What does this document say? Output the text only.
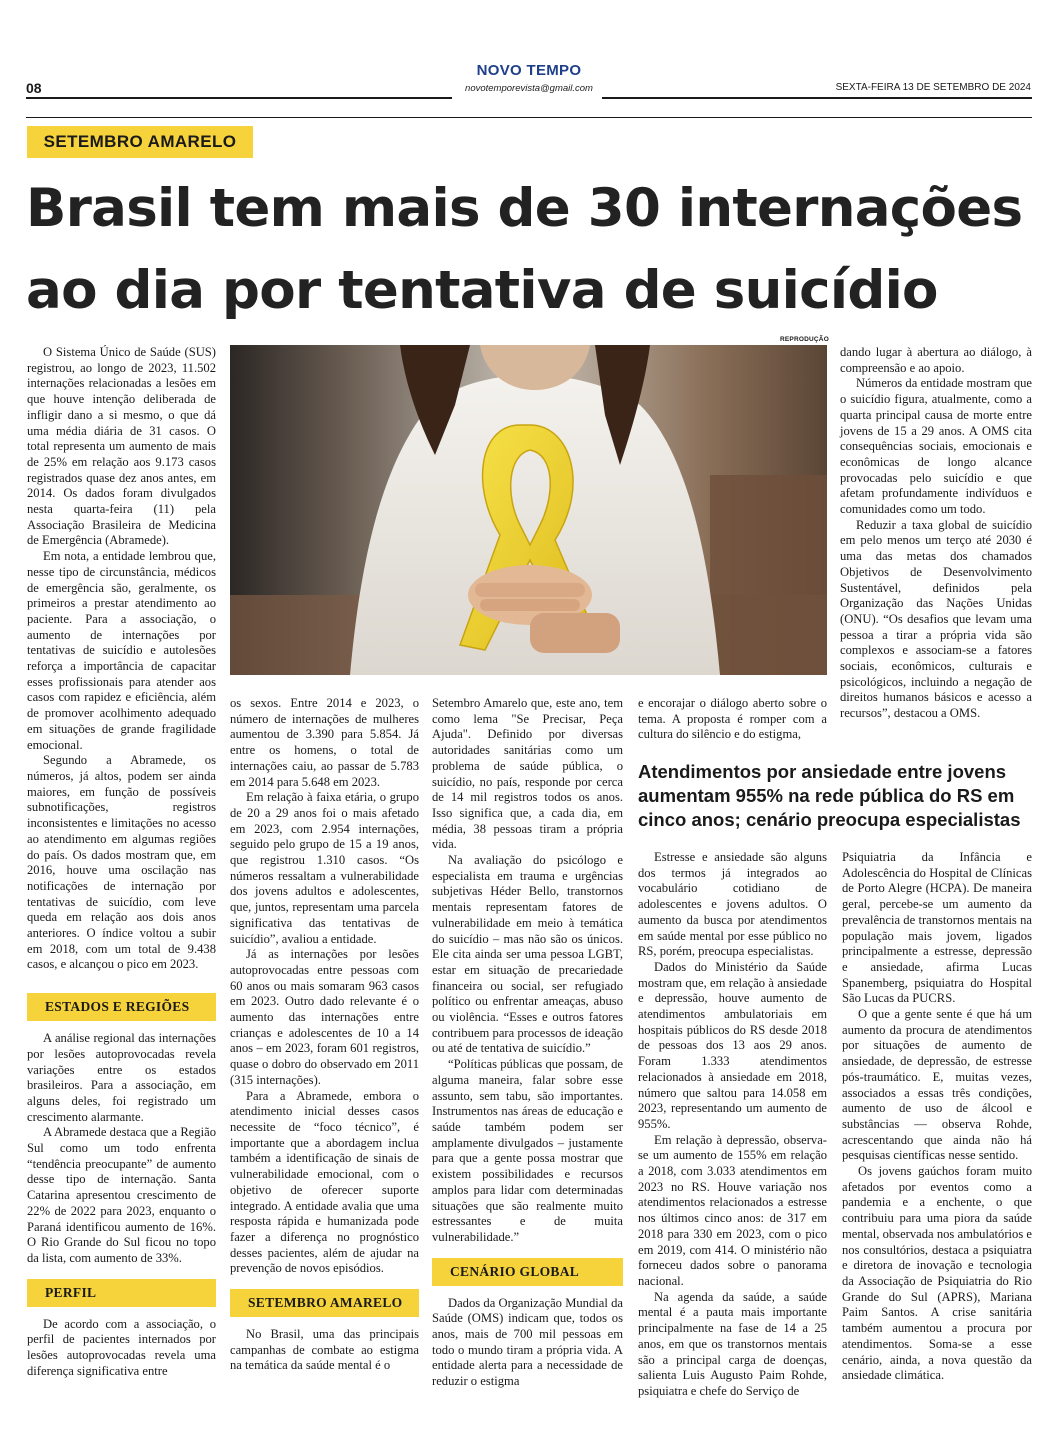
NOVO TEMPO
novotemporevista@gmail.com
08	SEXTA-FEIRA 13 DE SETEMBRO DE 2024
SETEMBRO AMARELO
Brasil tem mais de 30 internações
ao dia por tentativa de suicídio
REPRODUÇÃO

O Sistema Único de Saúde (SUS) registrou, ao longo de 2023, 11.502 internações relacionadas a lesões em que houve intenção deliberada de infligir dano a si mesmo, o que dá uma média diária de 31 casos. O total representa um aumento de mais de 25% em relação aos 9.173 casos registrados quase dez anos antes, em 2014. Os dados foram divulgados nesta quarta-feira (11) pela Associação Brasileira de Medicina de Emergência (Abramede).

Em nota, a entidade lembrou que, nesse tipo de circunstância, médicos de emergência são, geralmente, os primeiros a prestar atendimento ao paciente. Para a associação, o aumento de internações por tentativas de suicídio e autolesões reforça a importância de capacitar esses profissionais para atender aos casos com rapidez e eficiência, além de promover acolhimento adequado em situações de grande fragilidade emocional.

Segundo a Abramede, os números, já altos, podem ser ainda maiores, em função de possíveis subnotificações, registros inconsistentes e limitações no acesso ao atendimento em algumas regiões do país. Os dados mostram que, em 2016, houve uma oscilação nas notificações de internação por tentativas de suicídio, com leve queda em relação aos dois anos anteriores. O índice voltou a subir em 2018, com um total de 9.438 casos, e alcançou o pico em 2023.

ESTADOS E REGIÕES

A análise regional das internações por lesões autoprovocadas revela variações entre os estados brasileiros. Para a associação, em alguns deles, foi registrado um crescimento alarmante.

A Abramede destaca que a Região Sul como um todo enfrenta “tendência preocupante” de aumento desse tipo de internação. Santa Catarina apresentou crescimento de 22% de 2022 para 2023, enquanto o Paraná identificou aumento de 16%. O Rio Grande do Sul ficou no topo da lista, com aumento de 33%.

PERFIL

De acordo com a associação, o perfil de pacientes internados por lesões autoprovocadas revela uma diferença significativa entre

os sexos. Entre 2014 e 2023, o número de internações de mulheres aumentou de 3.390 para 5.854. Já entre os homens, o total de internações caiu, ao passar de 5.783 em 2014 para 5.648 em 2023.

Em relação à faixa etária, o grupo de 20 a 29 anos foi o mais afetado em 2023, com 2.954 internações, seguido pelo grupo de 15 a 19 anos, que registrou 1.310 casos. “Os números ressaltam a vulnerabilidade dos jovens adultos e adolescentes, que, juntos, representam uma parcela significativa das tentativas de suicídio”, avaliou a entidade.

Já as internações por lesões autoprovocadas entre pessoas com 60 anos ou mais somaram 963 casos em 2023. Outro dado relevante é o aumento das internações entre crianças e adolescentes de 10 a 14 anos – em 2023, foram 601 registros, quase o dobro do observado em 2011 (315 internações).

Para a Abramede, embora o atendimento inicial desses casos necessite de “foco técnico”, é importante que a abordagem inclua também a identificação de sinais de vulnerabilidade emocional, com o objetivo de oferecer suporte integrado. A entidade avalia que uma resposta rápida e humanizada pode fazer a diferença no prognóstico desses pacientes, além de ajudar na prevenção de novos episódios.

SETEMBRO AMARELO

No Brasil, uma das principais campanhas de combate ao estigma na temática da saúde mental é o

Setembro Amarelo que, este ano, tem como lema "Se Precisar, Peça Ajuda". Definido por diversas autoridades sanitárias como um problema de saúde pública, o suicídio, no país, responde por cerca de 14 mil registros todos os anos. Isso significa que, a cada dia, em média, 38 pessoas tiram a própria vida.

Na avaliação do psicólogo e especialista em trauma e urgências subjetivas Héder Bello, transtornos mentais representam fatores de vulnerabilidade em meio à temática do suicídio – mas não são os únicos. Ele cita ainda ser uma pessoa LGBT, estar em situação de precariedade financeira ou social, ser refugiado político ou enfrentar ameaças, abuso ou violência. “Esses e outros fatores contribuem para processos de ideação ou até de tentativa de suicídio.”

“Políticas públicas que possam, de alguma maneira, falar sobre esse assunto, sem tabu, são importantes. Instrumentos nas áreas de educação e saúde também podem ser amplamente divulgados – justamente para que a gente possa mostrar que existem possibilidades e recursos amplos para lidar com determinadas situações que são realmente muito estressantes e de muita vulnerabilidade.”

CENÁRIO GLOBAL

Dados da Organização Mundial da Saúde (OMS) indicam que, todos os anos, mais de 700 mil pessoas em todo o mundo tiram a própria vida. A entidade alerta para a necessidade de reduzir o estigma

e encorajar o diálogo aberto sobre o tema. A proposta é romper com a cultura do silêncio e do estigma,

dando lugar à abertura ao diálogo, à compreensão e ao apoio.

Números da entidade mostram que o suicídio figura, atualmente, como a quarta principal causa de morte entre jovens de 15 a 29 anos. A OMS cita consequências sociais, emocionais e econômicas de longo alcance provocadas pelo suicídio e que afetam profundamente indivíduos e comunidades como um todo.

Reduzir a taxa global de suicídio em pelo menos um terço até 2030 é uma das metas dos chamados Objetivos de Desenvolvimento Sustentável, definidos pela Organização das Nações Unidas (ONU). “Os desafios que levam uma pessoa a tirar a própria vida são complexos e associam-se a fatores sociais, econômicos, culturais e psicológicos, incluindo a negação de direitos humanos básicos e acesso a recursos”, destacou a OMS.

Atendimentos por ansiedade entre jovens
aumentam 955% na rede pública do RS em
cinco anos; cenário preocupa especialistas

Estresse e ansiedade são alguns dos termos já integrados ao vocabulário cotidiano de adolescentes e jovens adultos. O aumento da busca por atendimentos em saúde mental por esse público no RS, porém, preocupa especialistas.

Dados do Ministério da Saúde mostram que, em relação à ansiedade e depressão, houve aumento de atendimentos ambulatoriais em hospitais públicos do RS desde 2018 de pessoas dos 13 aos 29 anos. Foram 1.333 atendimentos relacionados à ansiedade em 2018, número que saltou para 14.058 em 2023, representando um aumento de 955%.

Em relação à depressão, observa-se um aumento de 155% em relação a 2018, com 3.033 atendimentos em 2023 no RS. Houve variação nos atendimentos relacionados a estresse nos últimos cinco anos: de 317 em 2018 para 330 em 2023, com o pico em 2019, com 414. O ministério não forneceu dados sobre o panorama nacional.

Na agenda da saúde, a saúde mental é a pauta mais importante principalmente na fase de 14 a 25 anos, em que os transtornos mentais são a principal carga de doenças, salienta Luis Augusto Paim Rohde, psiquiatra e chefe do Serviço de

Psiquiatria da Infância e Adolescência do Hospital de Clínicas de Porto Alegre (HCPA). De maneira geral, percebe-se um aumento da prevalência de transtornos mentais na população mais jovem, ligados principalmente a estresse, depressão e ansiedade, afirma Lucas Spanemberg, psiquiatra do Hospital São Lucas da PUCRS.

O que a gente sente é que há um aumento da procura de atendimentos por situações de aumento de ansiedade, de depressão, de estresse pós-traumático. E, muitas vezes, associados a essas três condições, aumento de uso de álcool e substâncias — observa Rohde, acrescentando que ainda não há pesquisas científicas nesse sentido.

Os jovens gaúchos foram muito afetados por eventos como a pandemia e a enchente, o que contribuiu para uma piora da saúde mental, observada nos ambulatórios e nos consultórios, destaca a psiquiatra e diretora de inovação e tecnologia da Associação de Psiquiatria do Rio Grande do Sul (APRS), Mariana Paim Santos. A crise sanitária também aumentou a procura por atendimentos. Soma-se a esse cenário, ainda, a nova questão da ansiedade climática.
